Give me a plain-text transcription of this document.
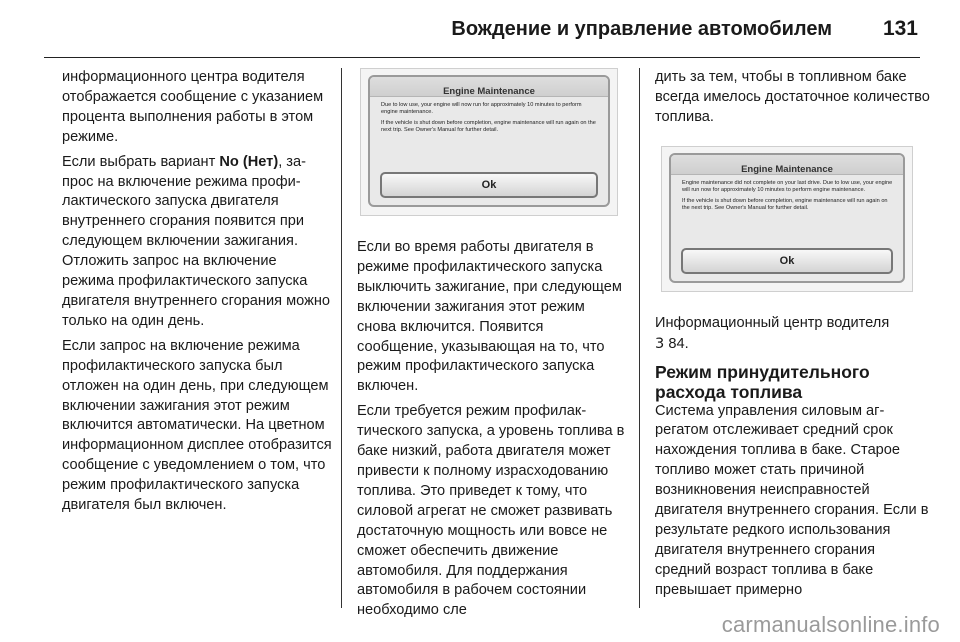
Вождение и управление автомобилем 131

информационного центра водителя отображается сообщение с указанием процента выполнения работы в этом режиме.

Если выбрать вариант No (Нет), запрос на включение режима профилактического запуска двигателя внутреннего сгорания появится при следующем включении зажигания. Отложить запрос на включение режима профилактического запуска двигателя внутреннего сгорания можно только на один день.

Если запрос на включение режима профилактического запуска был отложен на один день, при следующем включении зажигания этот режим включится автоматически. На цветном информационном дисплее отобразится сообщение с уведомлением о том, что режим профилактического запуска двигателя был включен.

Engine Maintenance
Due to low use, your engine will now run for approximately 10 minutes to perform engine maintenance.
If the vehicle is shut down before completion, engine maintenance will run again on the next trip. See Owner's Manual for further detail.
Ok

Если во время работы двигателя в режиме профилактического запуска выключить зажигание, при следующем включении зажигания этот режим снова включится. Появится сообщение, указывающая на то, что режим профилактического запуска включен.

Если требуется режим профилактического запуска, а уровень топлива в баке низкий, работа двигателя может привести к полному израсходованию топлива. Это приведет к тому, что силовой агрегат не сможет развивать достаточную мощность или вовсе не сможет обеспечить движение автомобиля. Для поддержания автомобиля в рабочем состоянии необходимо сле

дить за тем, чтобы в топливном баке всегда имелось достаточное количество топлива.

Engine Maintenance
Engine maintenance did not complete on your last drive. Due to low use, your engine will run now for approximately 10 minutes to perform engine maintenance.
If the vehicle is shut down before completion, engine maintenance will run again on the next trip. See Owner's Manual for further detail.
Ok

Информационный центр водителя
3 84.

Режим принудительного расхода топлива

Система управления силовым агрегатом отслеживает средний срок нахождения топлива в баке. Старое топливо может стать причиной возникновения неисправностей двигателя внутреннего сгорания. Если в результате редкого использования двигателя внутреннего сгорания средний возраст топлива в баке превышает примерно

carmanualsonline.info
